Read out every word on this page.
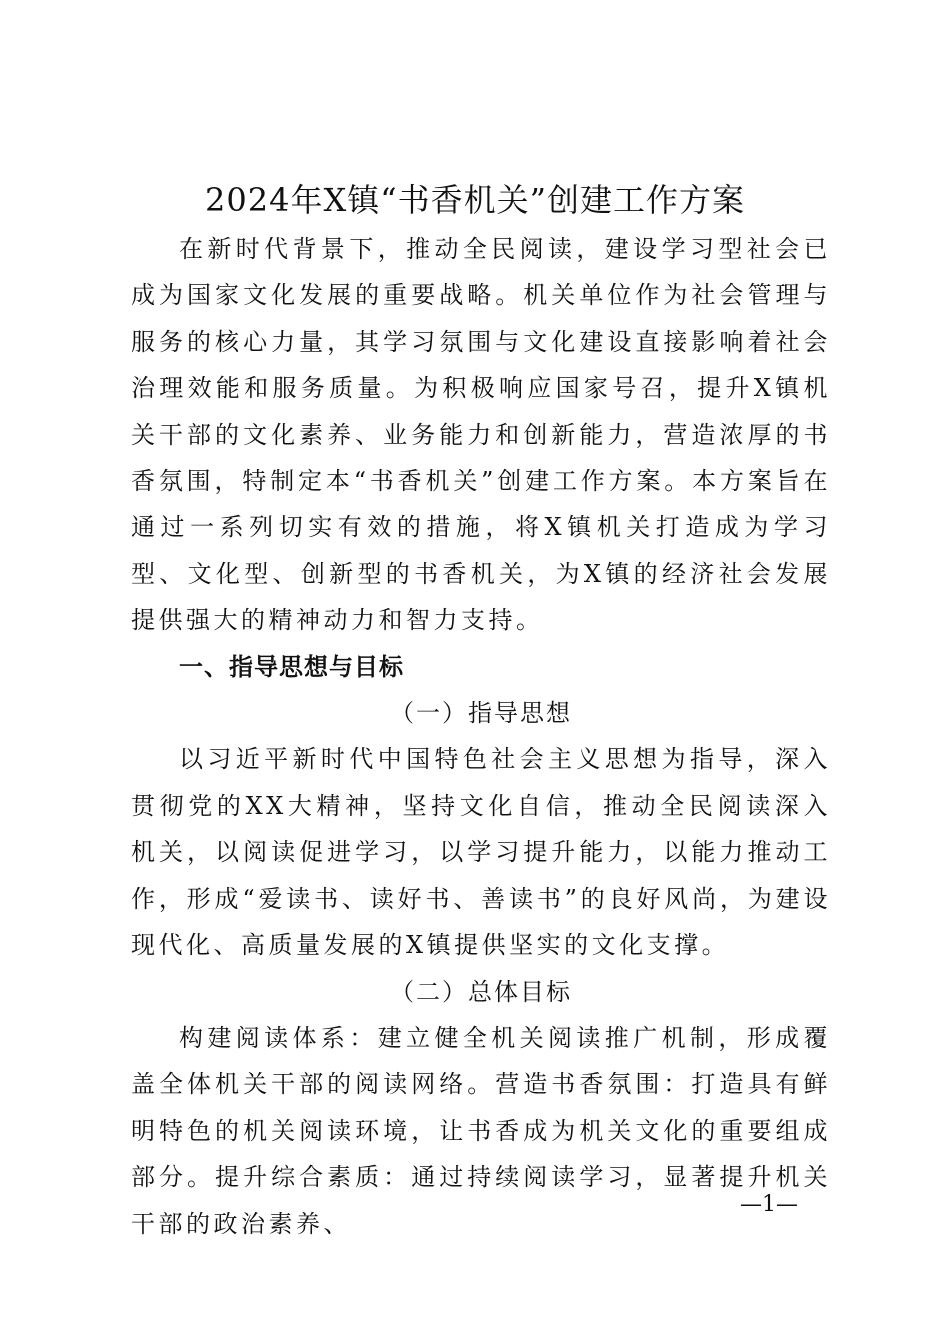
2024年X镇“书香机关”创建工作方案

在新时代背景下，推动全民阅读，建设学习型社会已成为国家文化发展的重要战略。机关单位作为社会管理与服务的核心力量，其学习氛围与文化建设直接影响着社会治理效能和服务质量。为积极响应国家号召，提升X镇机关干部的文化素养、业务能力和创新能力，营造浓厚的书香氛围，特制定本“书香机关”创建工作方案。本方案旨在通过一系列切实有效的措施，将X镇机关打造成为学习型、文化型、创新型的书香机关，为X镇的经济社会发展提供强大的精神动力和智力支持。

一、指导思想与目标

（一）指导思想

以习近平新时代中国特色社会主义思想为指导，深入贯彻党的XX大精神，坚持文化自信，推动全民阅读深入机关，以阅读促进学习，以学习提升能力，以能力推动工作，形成“爱读书、读好书、善读书”的良好风尚，为建设现代化、高质量发展的X镇提供坚实的文化支撑。

（二）总体目标

构建阅读体系：建立健全机关阅读推广机制，形成覆盖全体机关干部的阅读网络。营造书香氛围：打造具有鲜明特色的机关阅读环境，让书香成为机关文化的重要组成部分。提升综合素质：通过持续阅读学习，显著提升机关干部的政治素养、

—1—
